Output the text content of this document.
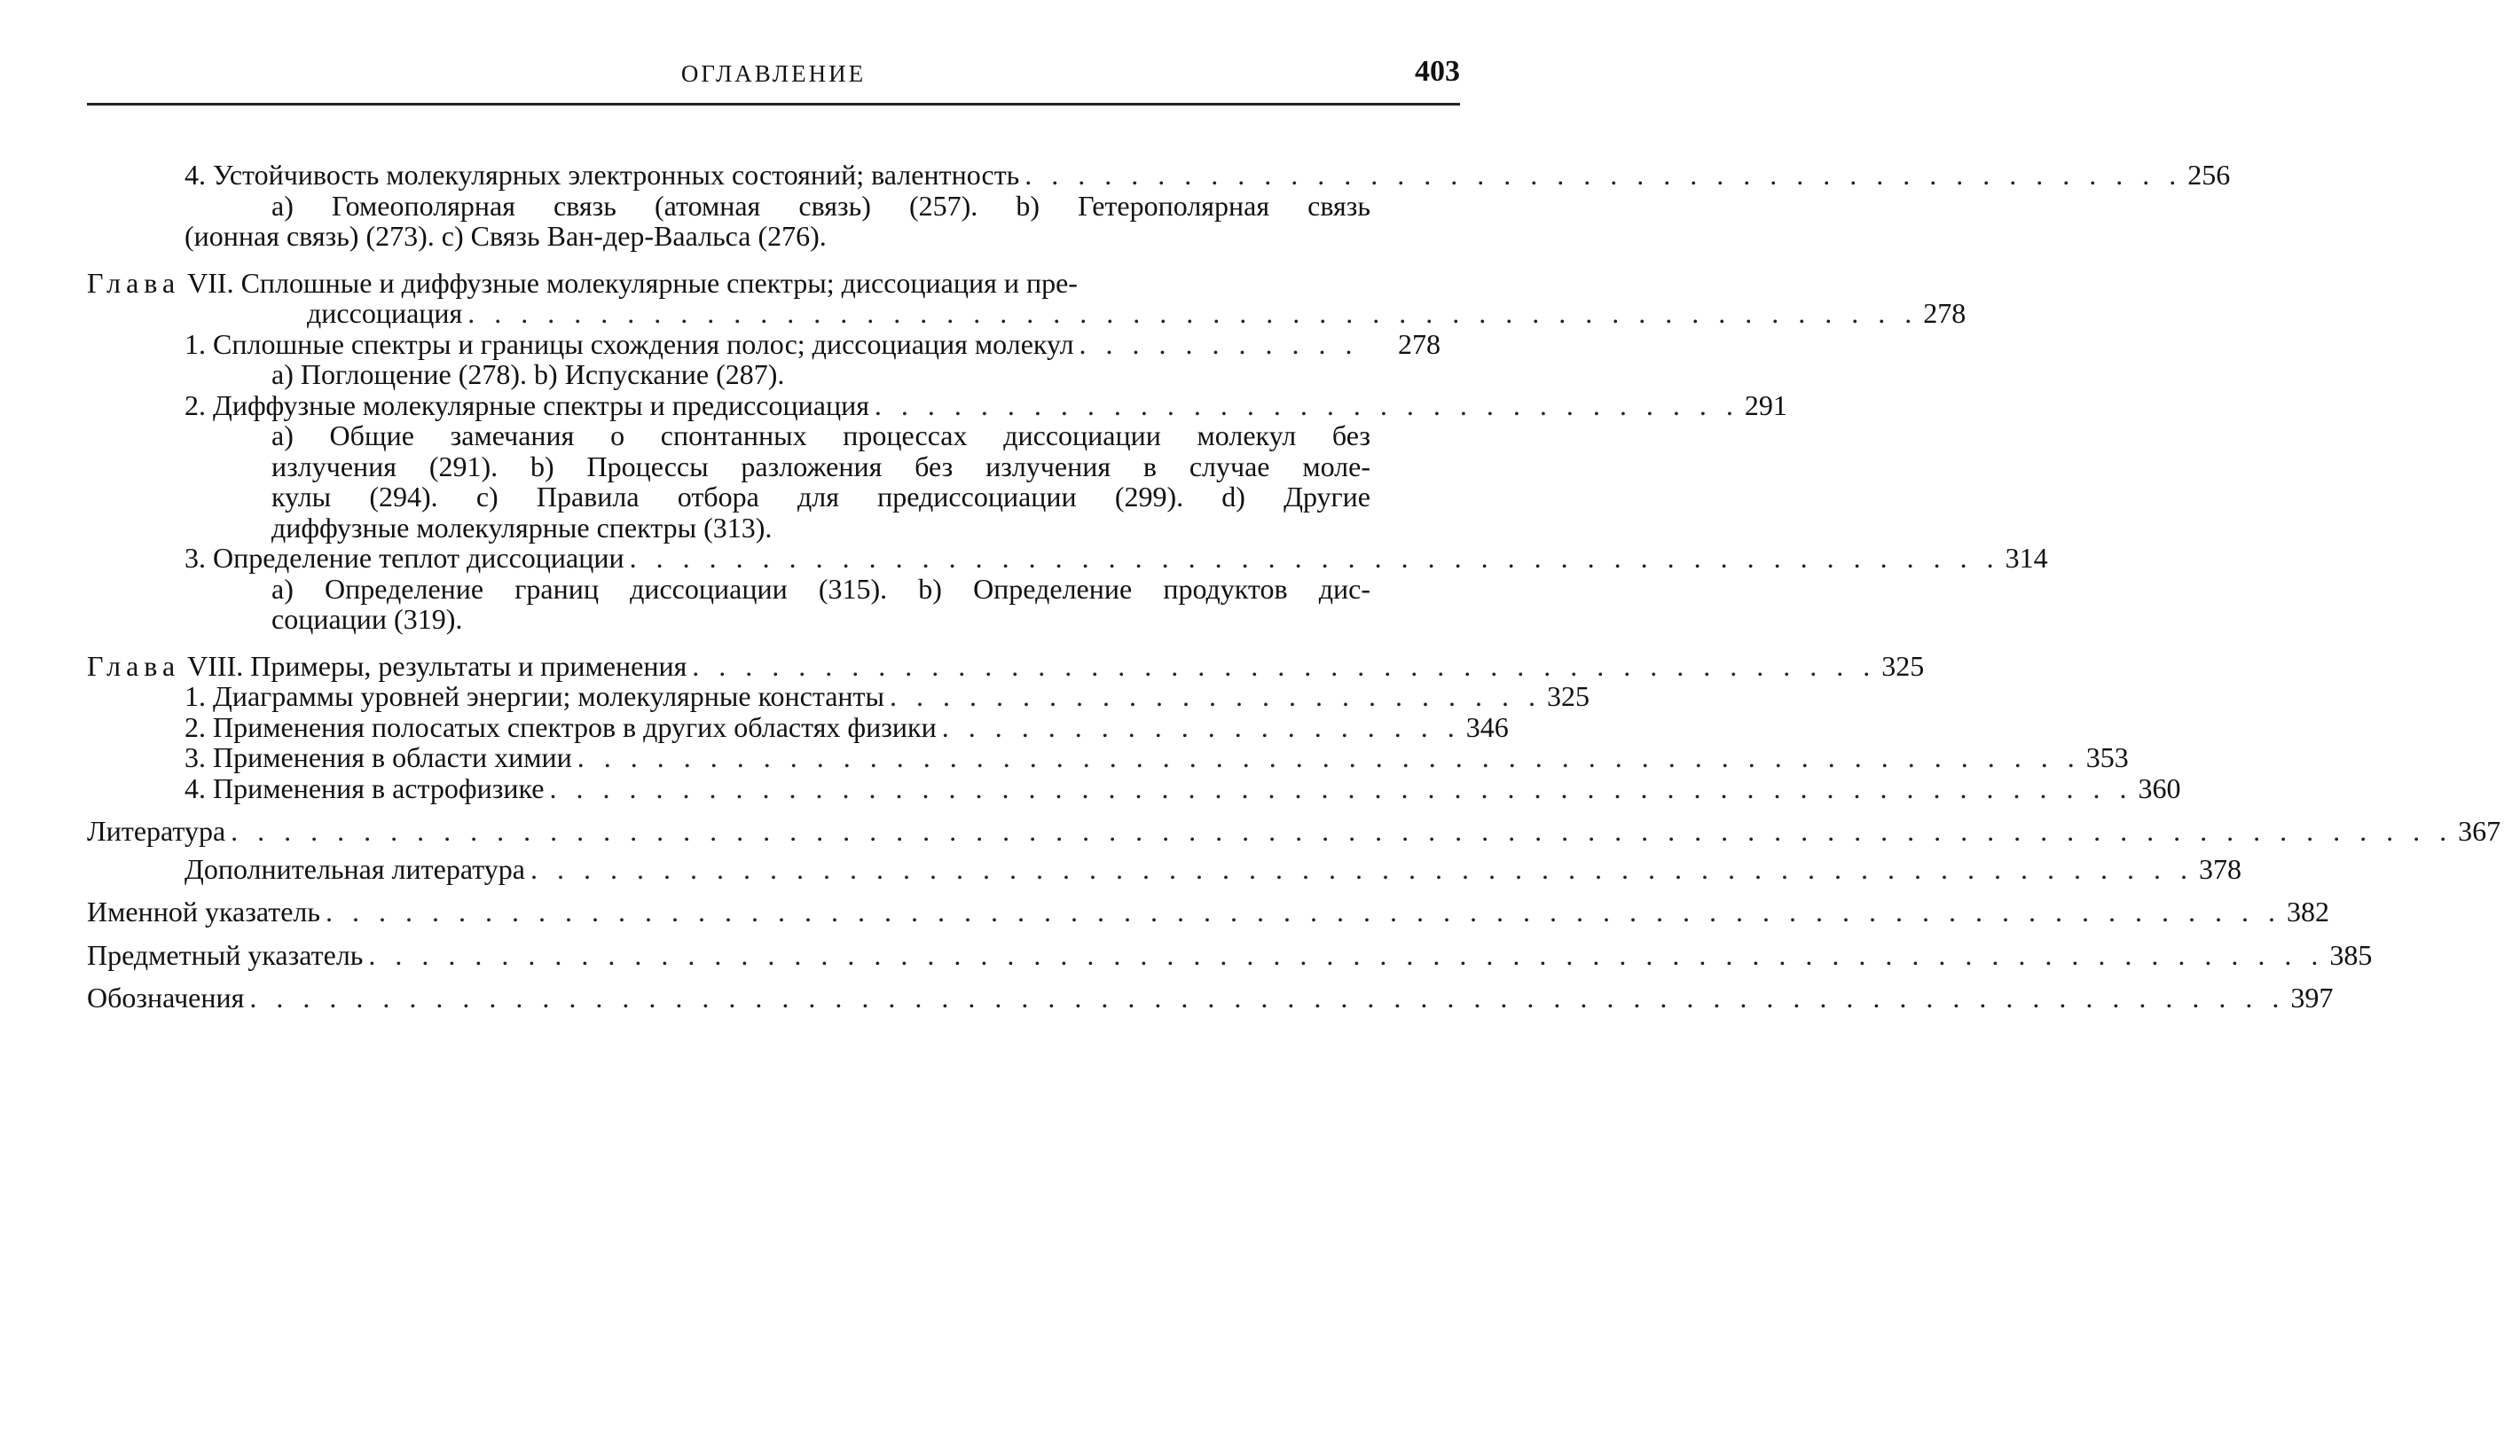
ОГЛАВЛЕНИЕ	403
4. Устойчивость молекулярных электронных состояний; валентность . . . . . . . . . . . . . . . . . . . . . . . . . . . . . . . . . . . . . . . . . . . . 256
a) Гомеополярная связь (атомная связь) (257). b) Гетерополярная связь
(ионная связь) (273). c) Связь Ван-дер-Ваальса (276).
Глава VII. Сплошные и диффузные молекулярные спектры; диссоциация и пре-
диссоциация . . . . . . . . . . . . . . . . . . . . . . . . . . . . . . . . . . . . . . . . . . . . . . . . . . . . . . . 278
1. Сплошные спектры и границы схождения полос; диссоциация молекул . . . . . . . . . . .	278
a) Поглощение (278). b) Испускание (287).
2. Диффузные молекулярные спектры и предиссоциация . . . . . . . . . . . . . . . . . . . . . . . . . . . . . . . . . 291
a) Общие замечания о спонтанных процессах диссоциации молекул без
излучения (291). b) Процессы разложения без излучения в случае моле-
кулы (294). c) Правила отбора для предиссоциации (299). d) Другие
диффузные молекулярные спектры (313).
3. Определение теплот диссоциации . . . . . . . . . . . . . . . . . . . . . . . . . . . . . . . . . . . . . . . . . . . . . . . . . . . . 314
a) Определение границ диссоциации (315). b) Определение продуктов дис-
социации (319).
Глава VIII. Примеры, результаты и применения . . . . . . . . . . . . . . . . . . . . . . . . . . . . . . . . . . . . . . . . . . . . . 325
1. Диаграммы уровней энергии; молекулярные константы . . . . . . . . . . . . . . . . . . . . . . . . . 325
2. Применения полосатых спектров в других областях физики . . . . . . . . . . . . . . . . . . . . 346
3. Применения в области химии . . . . . . . . . . . . . . . . . . . . . . . . . . . . . . . . . . . . . . . . . . . . . . . . . . . . . . . . . 353
4. Применения в астрофизике . . . . . . . . . . . . . . . . . . . . . . . . . . . . . . . . . . . . . . . . . . . . . . . . . . . . . . . . . . . . 360
Литература . . . . . . . . . . . . . . . . . . . . . . . . . . . . . . . . . . . . . . . . . . . . . . . . . . . . . . . . . . . . . . . . . . . . . . . . . . . . . . . . . . . . 367
Дополнительная литература . . . . . . . . . . . . . . . . . . . . . . . . . . . . . . . . . . . . . . . . . . . . . . . . . . . . . . . . . . . . . . . 378
Именной указатель . . . . . . . . . . . . . . . . . . . . . . . . . . . . . . . . . . . . . . . . . . . . . . . . . . . . . . . . . . . . . . . . . . . . . . . . . . 382
Предметный указатель . . . . . . . . . . . . . . . . . . . . . . . . . . . . . . . . . . . . . . . . . . . . . . . . . . . . . . . . . . . . . . . . . . . . . . . . . . 385
Обозначения . . . . . . . . . . . . . . . . . . . . . . . . . . . . . . . . . . . . . . . . . . . . . . . . . . . . . . . . . . . . . . . . . . . . . . . . . . . . . 397
